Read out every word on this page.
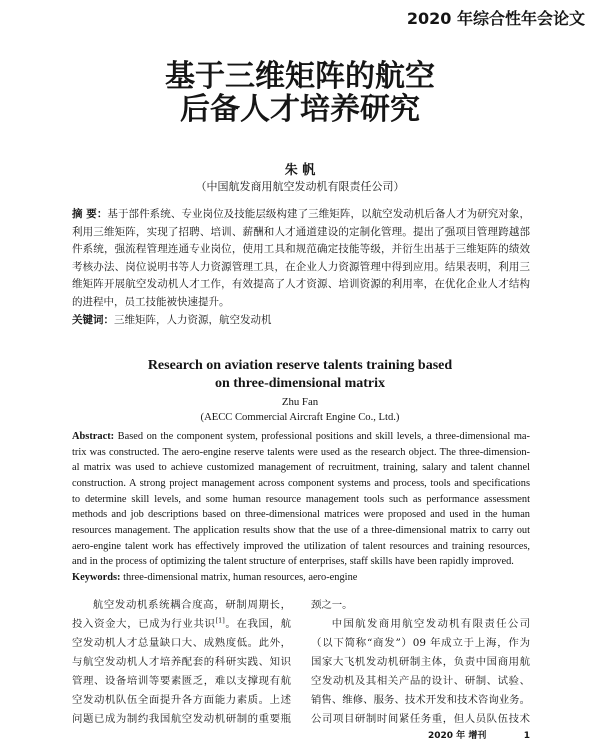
2020 年综合性年会论文
基于三维矩阵的航空
后备人才培养研究
朱 帆
（中国航发商用航空发动机有限责任公司）
摘 要：基于部件系统、专业岗位及技能层级构建了三维矩阵，以航空发动机后备人才为研究对象，
利用三维矩阵，实现了招聘、培训、薪酬和人才通道建设的定制化管理。提出了强项目管理跨越部
件系统，强流程管理连通专业岗位，使用工具和规范确定技能等级，并衍生出基于三维矩阵的绩效
考核办法、岗位说明书等人力资源管理工具，在企业人力资源管理中得到应用。结果表明，利用三
维矩阵开展航空发动机人才工作，有效提高了人才资源、培训资源的利用率，在优化企业人才结构
的进程中，员工技能被快速提升。
关键词：三维矩阵，人力资源，航空发动机
Research on aviation reserve talents training based
on three-dimensional matrix
Zhu Fan
(AECC Commercial Aircraft Engine Co., Ltd.)
Abstract: Based on the component system, professional positions and skill levels, a three-dimensional ma-
trix was constructed. The aero-engine reserve talents were used as the research object. The three-dimension-
al matrix was used to achieve customized management of recruitment, training, salary and talent channel
construction. A strong project management across component systems and process, tools and specifications
to determine skill levels, and some human resource management tools such as performance assessment
methods and job descriptions based on three-dimensional matrices were proposed and used in the human
resources management. The application results show that the use of a three-dimensional matrix to carry out
aero-engine talent work has effectively improved the utilization of talent resources and training resources,
and in the process of optimizing the talent structure of enterprises, staff skills have been rapidly improved.
Keywords: three-dimensional matrix, human resources, aero-engine
航空发动机系统耦合度高，研制周期长，
投入资金大，已成为行业共识[1]。在我国，航
空发动机人才总量缺口大、成熟度低。此外，
与航空发动机人才培养配套的科研实践、知识
管理、设备培训等要素匮乏，难以支撑现有航
空发动机队伍全面提升各方面能力素质。上述
问题已成为制约我国航空发动机研制的重要瓶
颈之一。
中国航发商用航空发动机有限责任公司
（以下简称“商发”）09 年成立于上海，作为
国家大飞机发动机研制主体，负责中国商用航
空发动机及其相关产品的设计、研制、试验、
销售、维修、服务、技术开发和技术咨询业务。
公司项目研制时间紧任务重，但人员队伍技术
2020 年 增刊	1
